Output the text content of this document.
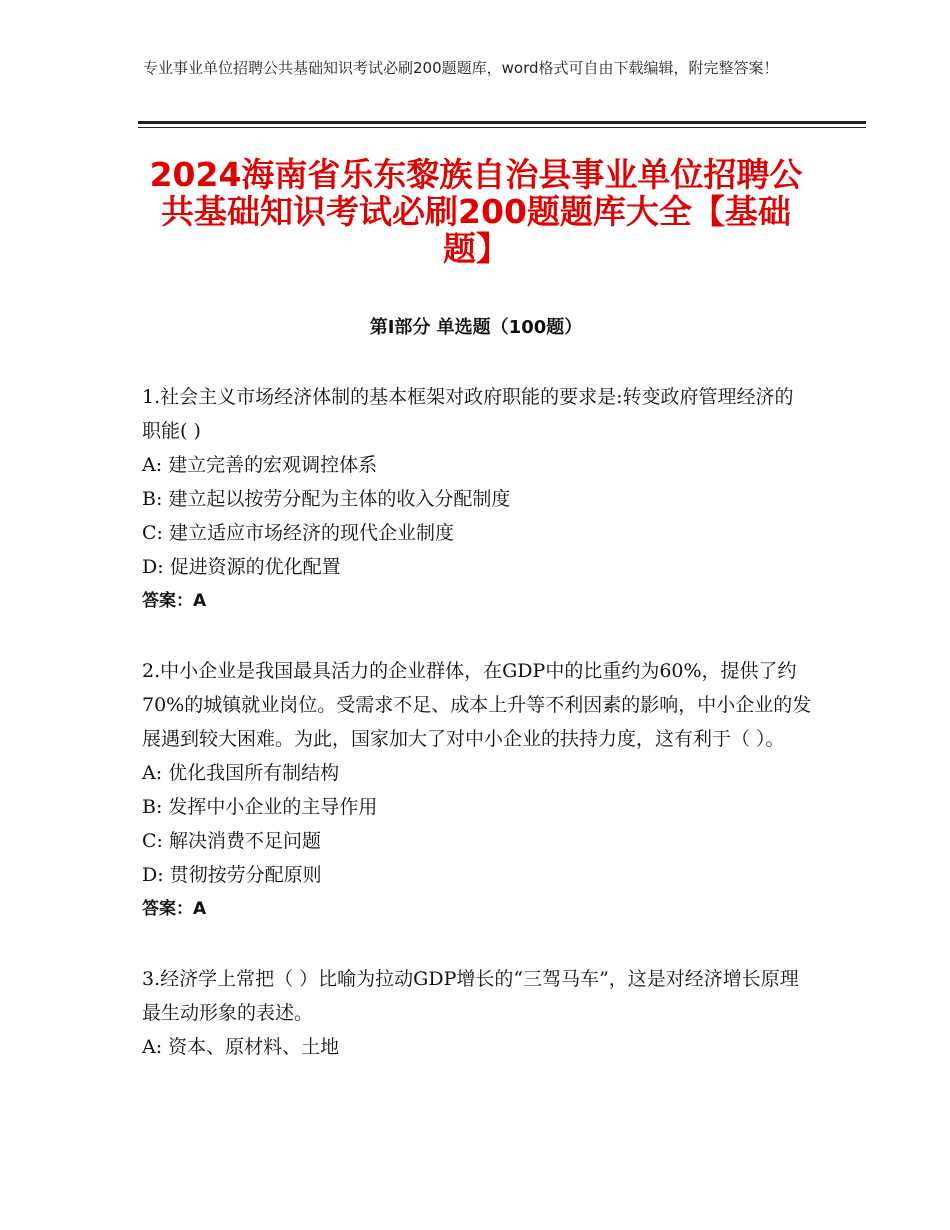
专业事业单位招聘公共基础知识考试必刷200题题库，word格式可自由下载编辑，附完整答案！
2024海南省乐东黎族自治县事业单位招聘公共基础知识考试必刷200题题库大全【基础题】
第Ⅰ部分 单选题（100题）

1.社会主义市场经济体制的基本框架对政府职能的要求是:转变政府管理经济的职能( )

A: 建立完善的宏观调控体系

B: 建立起以按劳分配为主体的收入分配制度

C: 建立适应市场经济的现代企业制度

D: 促进资源的优化配置

答案：A

2.中小企业是我国最具活力的企业群体，在GDP中的比重约为60%，提供了约70%的城镇就业岗位。受需求不足、成本上升等不利因素的影响，中小企业的发展遇到较大困难。为此，国家加大了对中小企业的扶持力度，这有利于（ ）。

A: 优化我国所有制结构

B: 发挥中小企业的主导作用

C: 解决消费不足问题

D: 贯彻按劳分配原则

答案：A

3.经济学上常把（ ）比喻为拉动GDP增长的“三驾马车”，这是对经济增长原理最生动形象的表述。

A: 资本、原材料、土地
